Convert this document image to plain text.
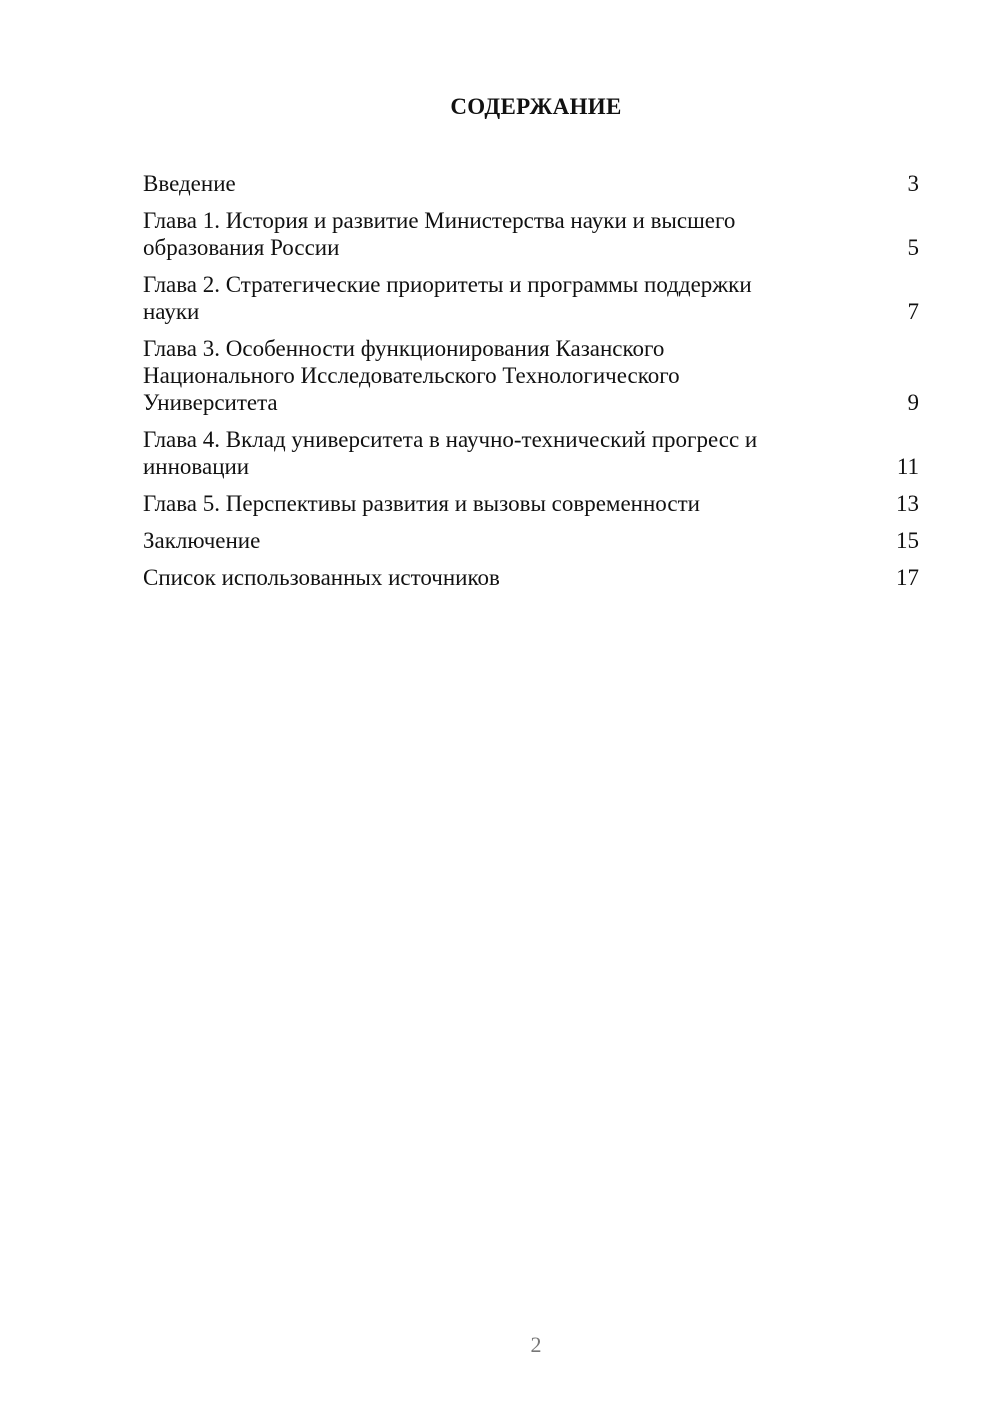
СОДЕРЖАНИЕ
Введение	3
Глава 1. История и развитие Министерства науки и высшего
образования России	5
Глава 2. Стратегические приоритеты и программы поддержки
науки	7
Глава 3. Особенности функционирования Казанского
Национального Исследовательского Технологического
Университета	9
Глава 4. Вклад университета в научно-технический прогресс и
инновации	11
Глава 5. Перспективы развития и вызовы современности	13
Заключение	15
Список использованных источников	17
2
